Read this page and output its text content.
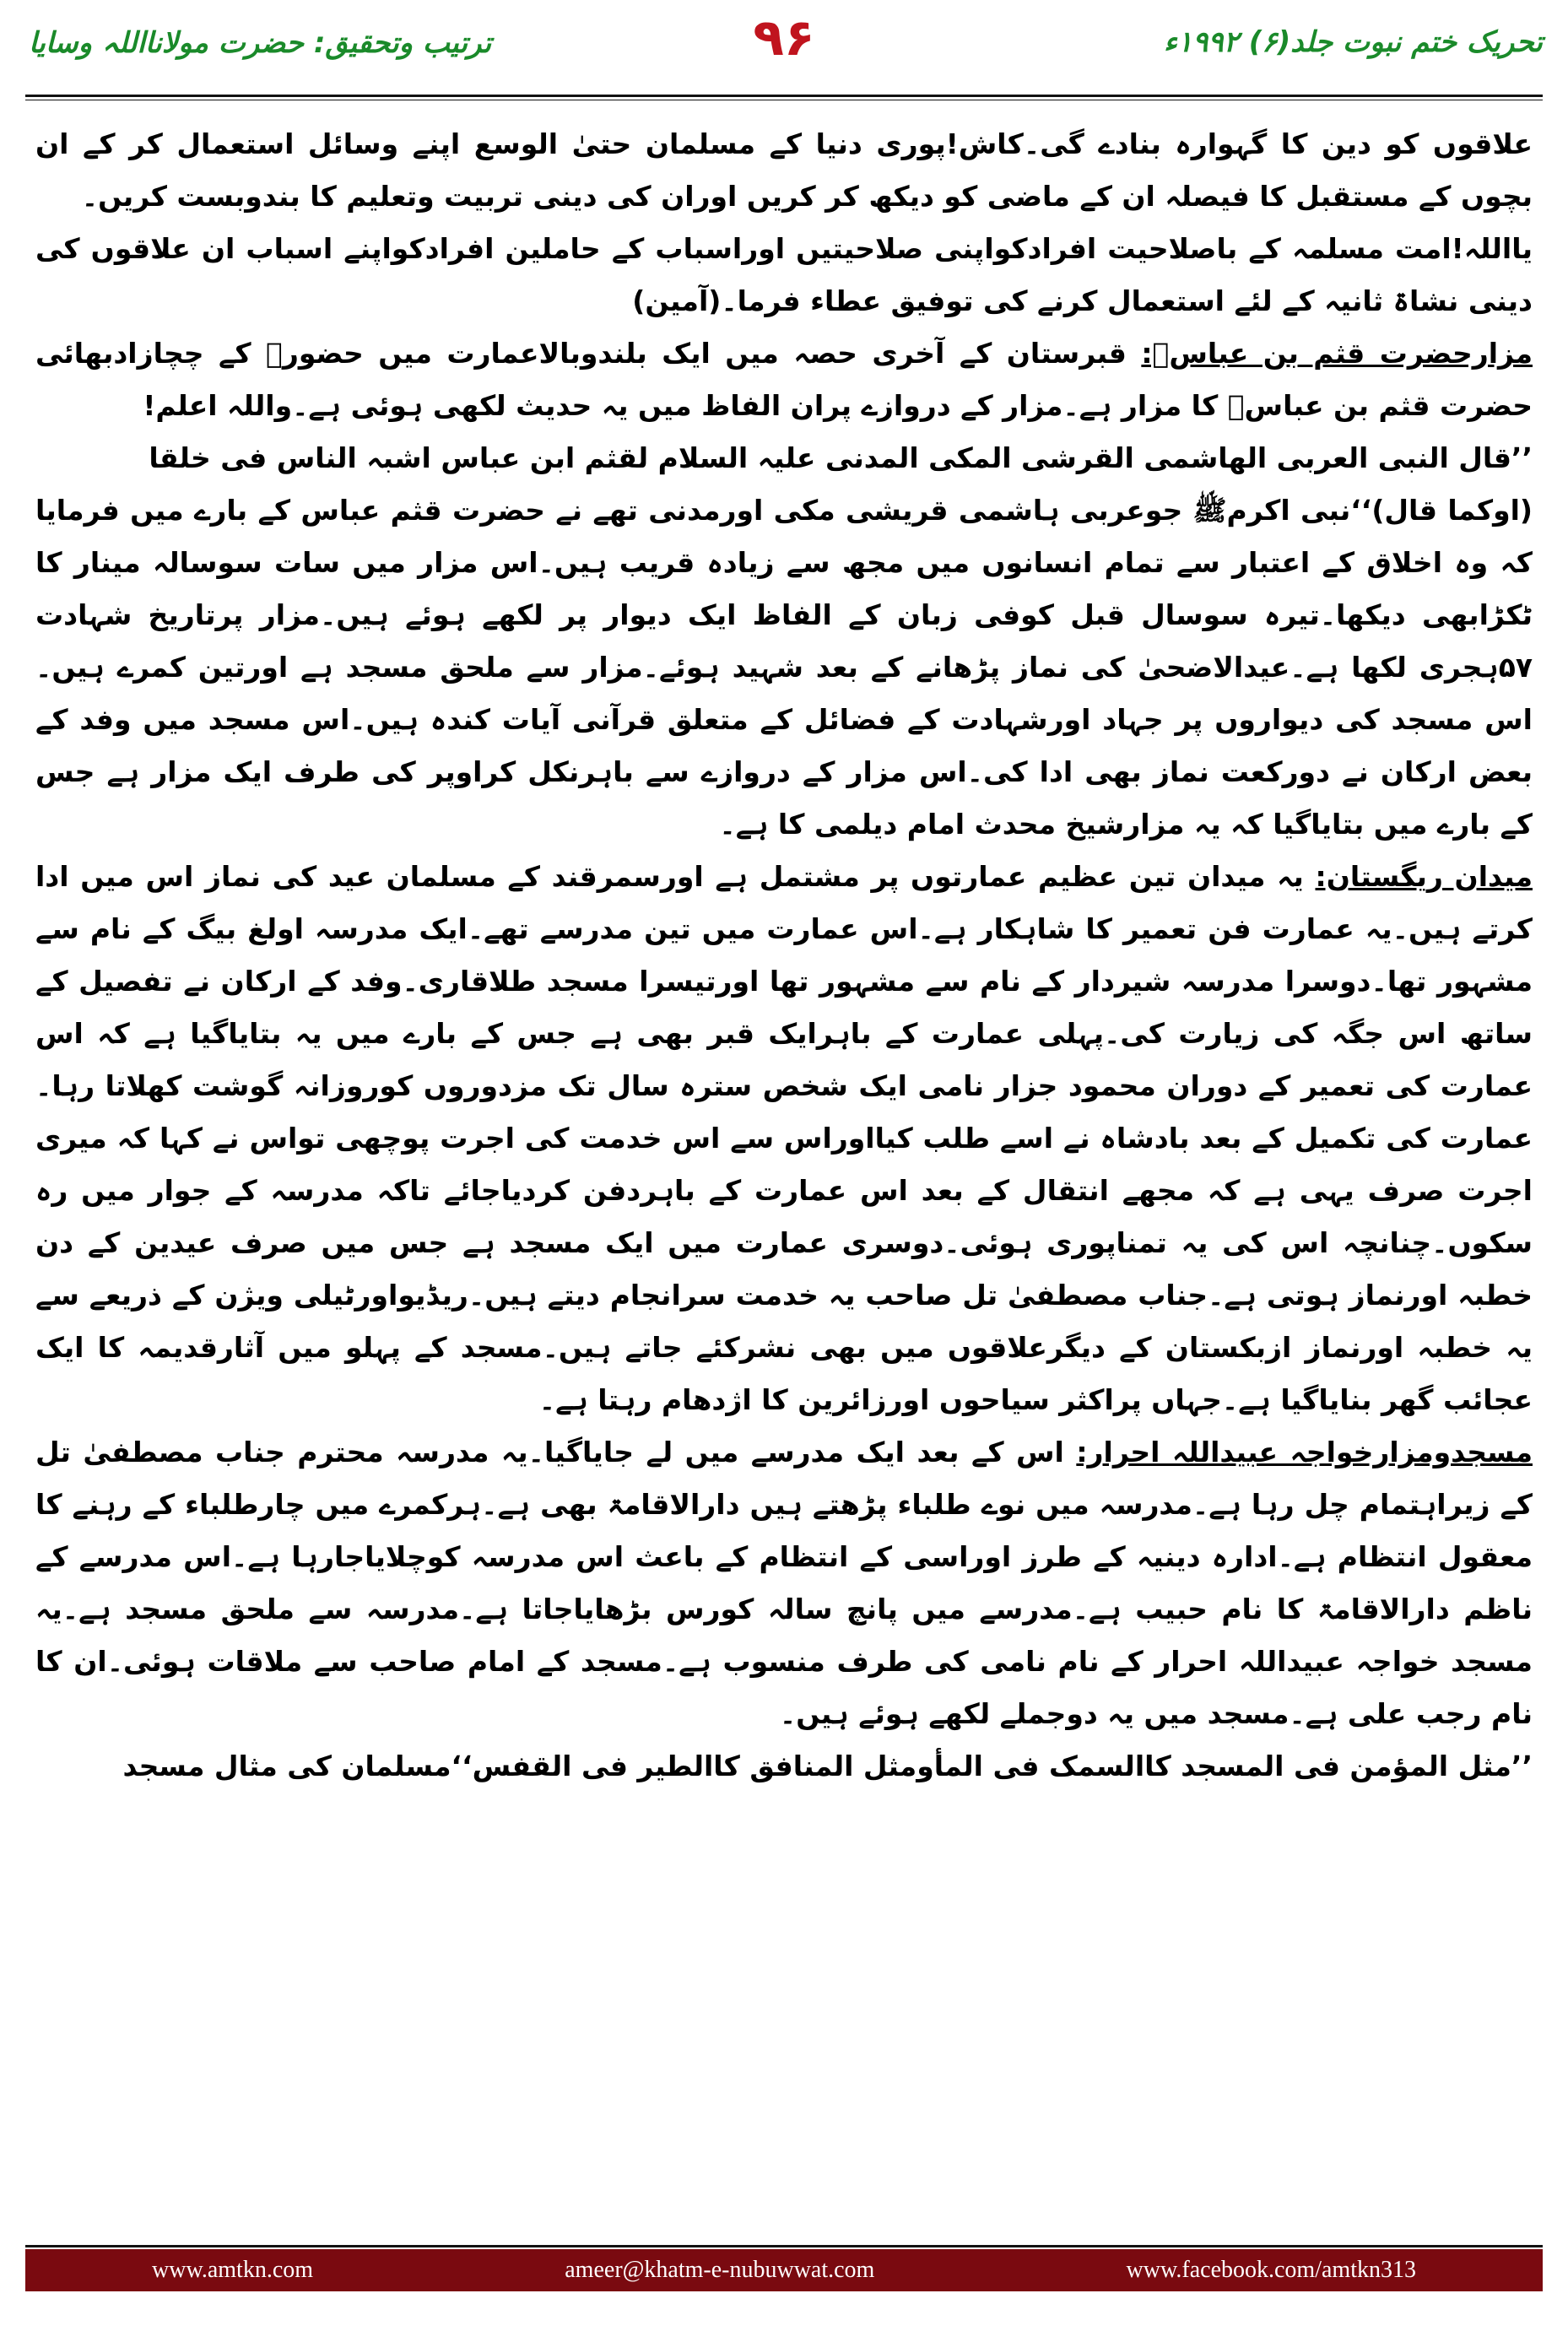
تحریک ختم نبوت جلد(۶) ۱۹۹۲ء
۹۶
ترتیب وتحقیق: حضرت مولانااللہ وسایا

علاقوں کو دین کا گہوارہ بنادے گی۔کاش!پوری دنیا کے مسلمان حتیٰ الوسع اپنے وسائل استعمال کر کے ان بچوں کے مستقبل کا فیصلہ ان کے ماضی کو دیکھ کر کریں اوران کی دینی تربیت وتعلیم کا بندوبست کریں۔

یااللہ!امت مسلمہ کے باصلاحیت افرادکواپنی صلاحیتیں اوراسباب کے حاملین افرادکواپنے اسباب ان علاقوں کی دینی نشاۃ ثانیہ کے لئے استعمال کرنے کی توفیق عطاء فرما۔(آمین)

مزارحضرت قثم بن عباسؓ: قبرستان کے آخری حصہ میں ایک بلندوبالاعمارت میں حضورﷺ کے چچازادبھائی حضرت قثم بن عباسؓ کا مزار ہے۔مزار کے دروازے پران الفاظ میں یہ حدیث لکھی ہوئی ہے۔واللہ اعلم!

’’قال النبی العربی الھاشمی القرشی المکی المدنی علیہ السلام لقثم ابن عباس اشبہ الناس فی خلقا

(اوکما قال)‘‘نبی اکرمﷺ جوعربی ہاشمی قریشی مکی اورمدنی تھے نے حضرت قثم عباس کے بارے میں فرمایا کہ وہ اخلاق کے اعتبار سے تمام انسانوں میں مجھ سے زیادہ قریب ہیں۔اس مزار میں سات سوسالہ مینار کا ٹکڑابھی دیکھا۔تیرہ سوسال قبل کوفی زبان کے الفاظ ایک دیوار پر لکھے ہوئے ہیں۔مزار پرتاریخ شہادت ۵۷ہجری لکھا ہے۔عیدالاضحیٰ کی نماز پڑھانے کے بعد شہید ہوئے۔مزار سے ملحق مسجد ہے اورتین کمرے ہیں۔اس مسجد کی دیواروں پر جہاد اورشہادت کے فضائل کے متعلق قرآنی آیات کندہ ہیں۔اس مسجد میں وفد کے بعض ارکان نے دورکعت نماز بھی ادا کی۔اس مزار کے دروازے سے باہرنکل کراوپر کی طرف ایک مزار ہے جس کے بارے میں بتایاگیا کہ یہ مزارشیخ محدث امام دیلمی کا ہے۔

میدان ریگستان: یہ میدان تین عظیم عمارتوں پر مشتمل ہے اورسمرقند کے مسلمان عید کی نماز اس میں ادا کرتے ہیں۔یہ عمارت فن تعمیر کا شاہکار ہے۔اس عمارت میں تین مدرسے تھے۔ایک مدرسہ اولغ بیگ کے نام سے مشہور تھا۔دوسرا مدرسہ شیردار کے نام سے مشہور تھا اورتیسرا مسجد طلاقاری۔وفد کے ارکان نے تفصیل کے ساتھ اس جگہ کی زیارت کی۔پہلی عمارت کے باہرایک قبر بھی ہے جس کے بارے میں یہ بتایاگیا ہے کہ اس عمارت کی تعمیر کے دوران محمود جزار نامی ایک شخص سترہ سال تک مزدوروں کوروزانہ گوشت کھلاتا رہا۔عمارت کی تکمیل کے بعد بادشاہ نے اسے طلب کیااوراس سے اس خدمت کی اجرت پوچھی تواس نے کہا کہ میری اجرت صرف یہی ہے کہ مجھے انتقال کے بعد اس عمارت کے باہردفن کردیاجائے تاکہ مدرسہ کے جوار میں رہ سکوں۔چنانچہ اس کی یہ تمناپوری ہوئی۔دوسری عمارت میں ایک مسجد ہے جس میں صرف عیدین کے دن خطبہ اورنماز ہوتی ہے۔جناب مصطفیٰ تل صاحب یہ خدمت سرانجام دیتے ہیں۔ریڈیواورٹیلی ویژن کے ذریعے سے یہ خطبہ اورنماز ازبکستان کے دیگرعلاقوں میں بھی نشرکئے جاتے ہیں۔مسجد کے پہلو میں آثارقدیمہ کا ایک عجائب گھر بنایاگیا ہے۔جہاں پراکثر سیاحوں اورزائرین کا اژدھام رہتا ہے۔

مسجدومزارخواجہ عبیداللہ احرار: اس کے بعد ایک مدرسے میں لے جایاگیا۔یہ مدرسہ محترم جناب مصطفیٰ تل کے زیراہتمام چل رہا ہے۔مدرسہ میں نوے طلباء پڑھتے ہیں دارالاقامۃ بھی ہے۔ہرکمرے میں چارطلباء کے رہنے کا معقول انتظام ہے۔ادارہ دینیہ کے طرز اوراسی کے انتظام کے باعث اس مدرسہ کوچلایاجارہا ہے۔اس مدرسے کے ناظم دارالاقامۃ کا نام حبیب ہے۔مدرسے میں پانچ سالہ کورس بڑھایاجاتا ہے۔مدرسہ سے ملحق مسجد ہے۔یہ مسجد خواجہ عبیداللہ احرار کے نام نامی کی طرف منسوب ہے۔مسجد کے امام صاحب سے ملاقات ہوئی۔ان کا نام رجب علی ہے۔مسجد میں یہ دوجملے لکھے ہوئے ہیں۔

’’مثل المؤمن فی المسجد کاالسمک فی المأومثل المنافق کاالطیر فی القفس‘‘مسلمان کی مثال مسجد

www.amtkn.com	ameer@khatm-e-nubuwwat.com	www.facebook.com/amtkn313
